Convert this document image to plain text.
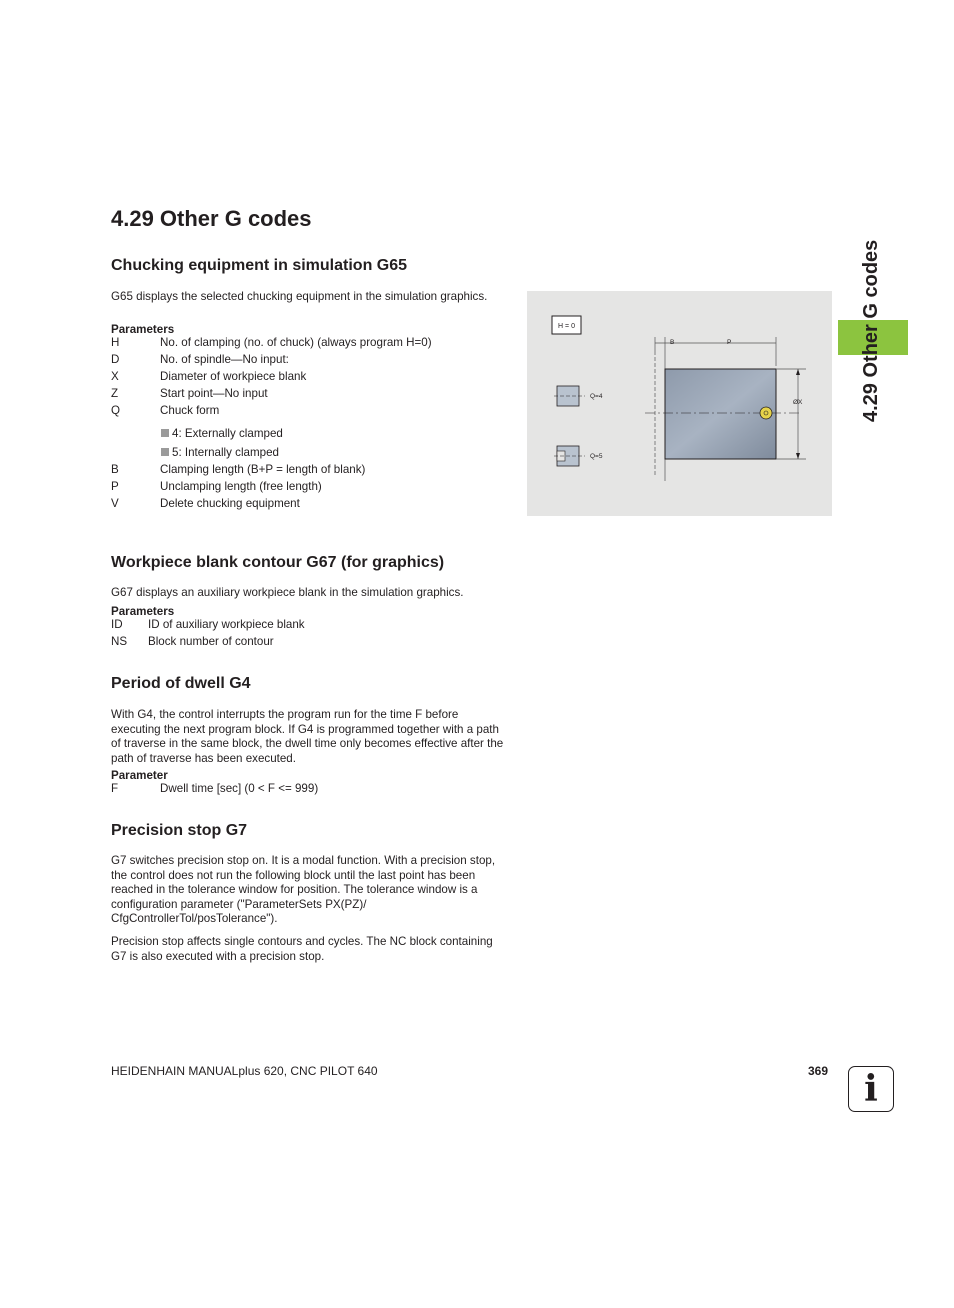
4.29 Other G codes
4.29 Other G codes
Chucking equipment in simulation G65

G65 displays the selected chucking equipment in the simulation graphics.

Parameters

H	No. of clamping (no. of chuck) (always program H=0)
D	No. of spindle—No input:
X	Diameter of workpiece blank
Z	Start point—No input
Q	Chuck form
4: Externally clamped
5: Internally clamped
B	Clamping length (B+P = length of blank)
P	Unclamping length (free length)
V	Delete chucking equipment
H = 0
B	P
ØX
Q=4
Q=5
Workpiece blank contour G67 (for graphics)

G67 displays an auxiliary workpiece blank in the simulation graphics.

Parameters

ID ID of auxiliary workpiece blank
NS Block number of contour
Period of dwell G4

With G4, the control interrupts the program run for the time F before executing the next program block. If G4 is programmed together with a path of traverse in the same block, the dwell time only becomes effective after the path of traverse has been executed.

Parameter

F	Dwell time [sec] (0 < F <= 999)
Precision stop G7

G7 switches precision stop on. It is a modal function. With a precision stop, the control does not run the following block until the last point has been reached in the tolerance window for position. The tolerance window is a configuration parameter ("ParameterSets PX(PZ)/ CfgControllerTol/posTolerance").

Precision stop affects single contours and cycles. The NC block containing G7 is also executed with a precision stop.

HEIDENHAIN MANUALplus 620, CNC PILOT 640	369	i
